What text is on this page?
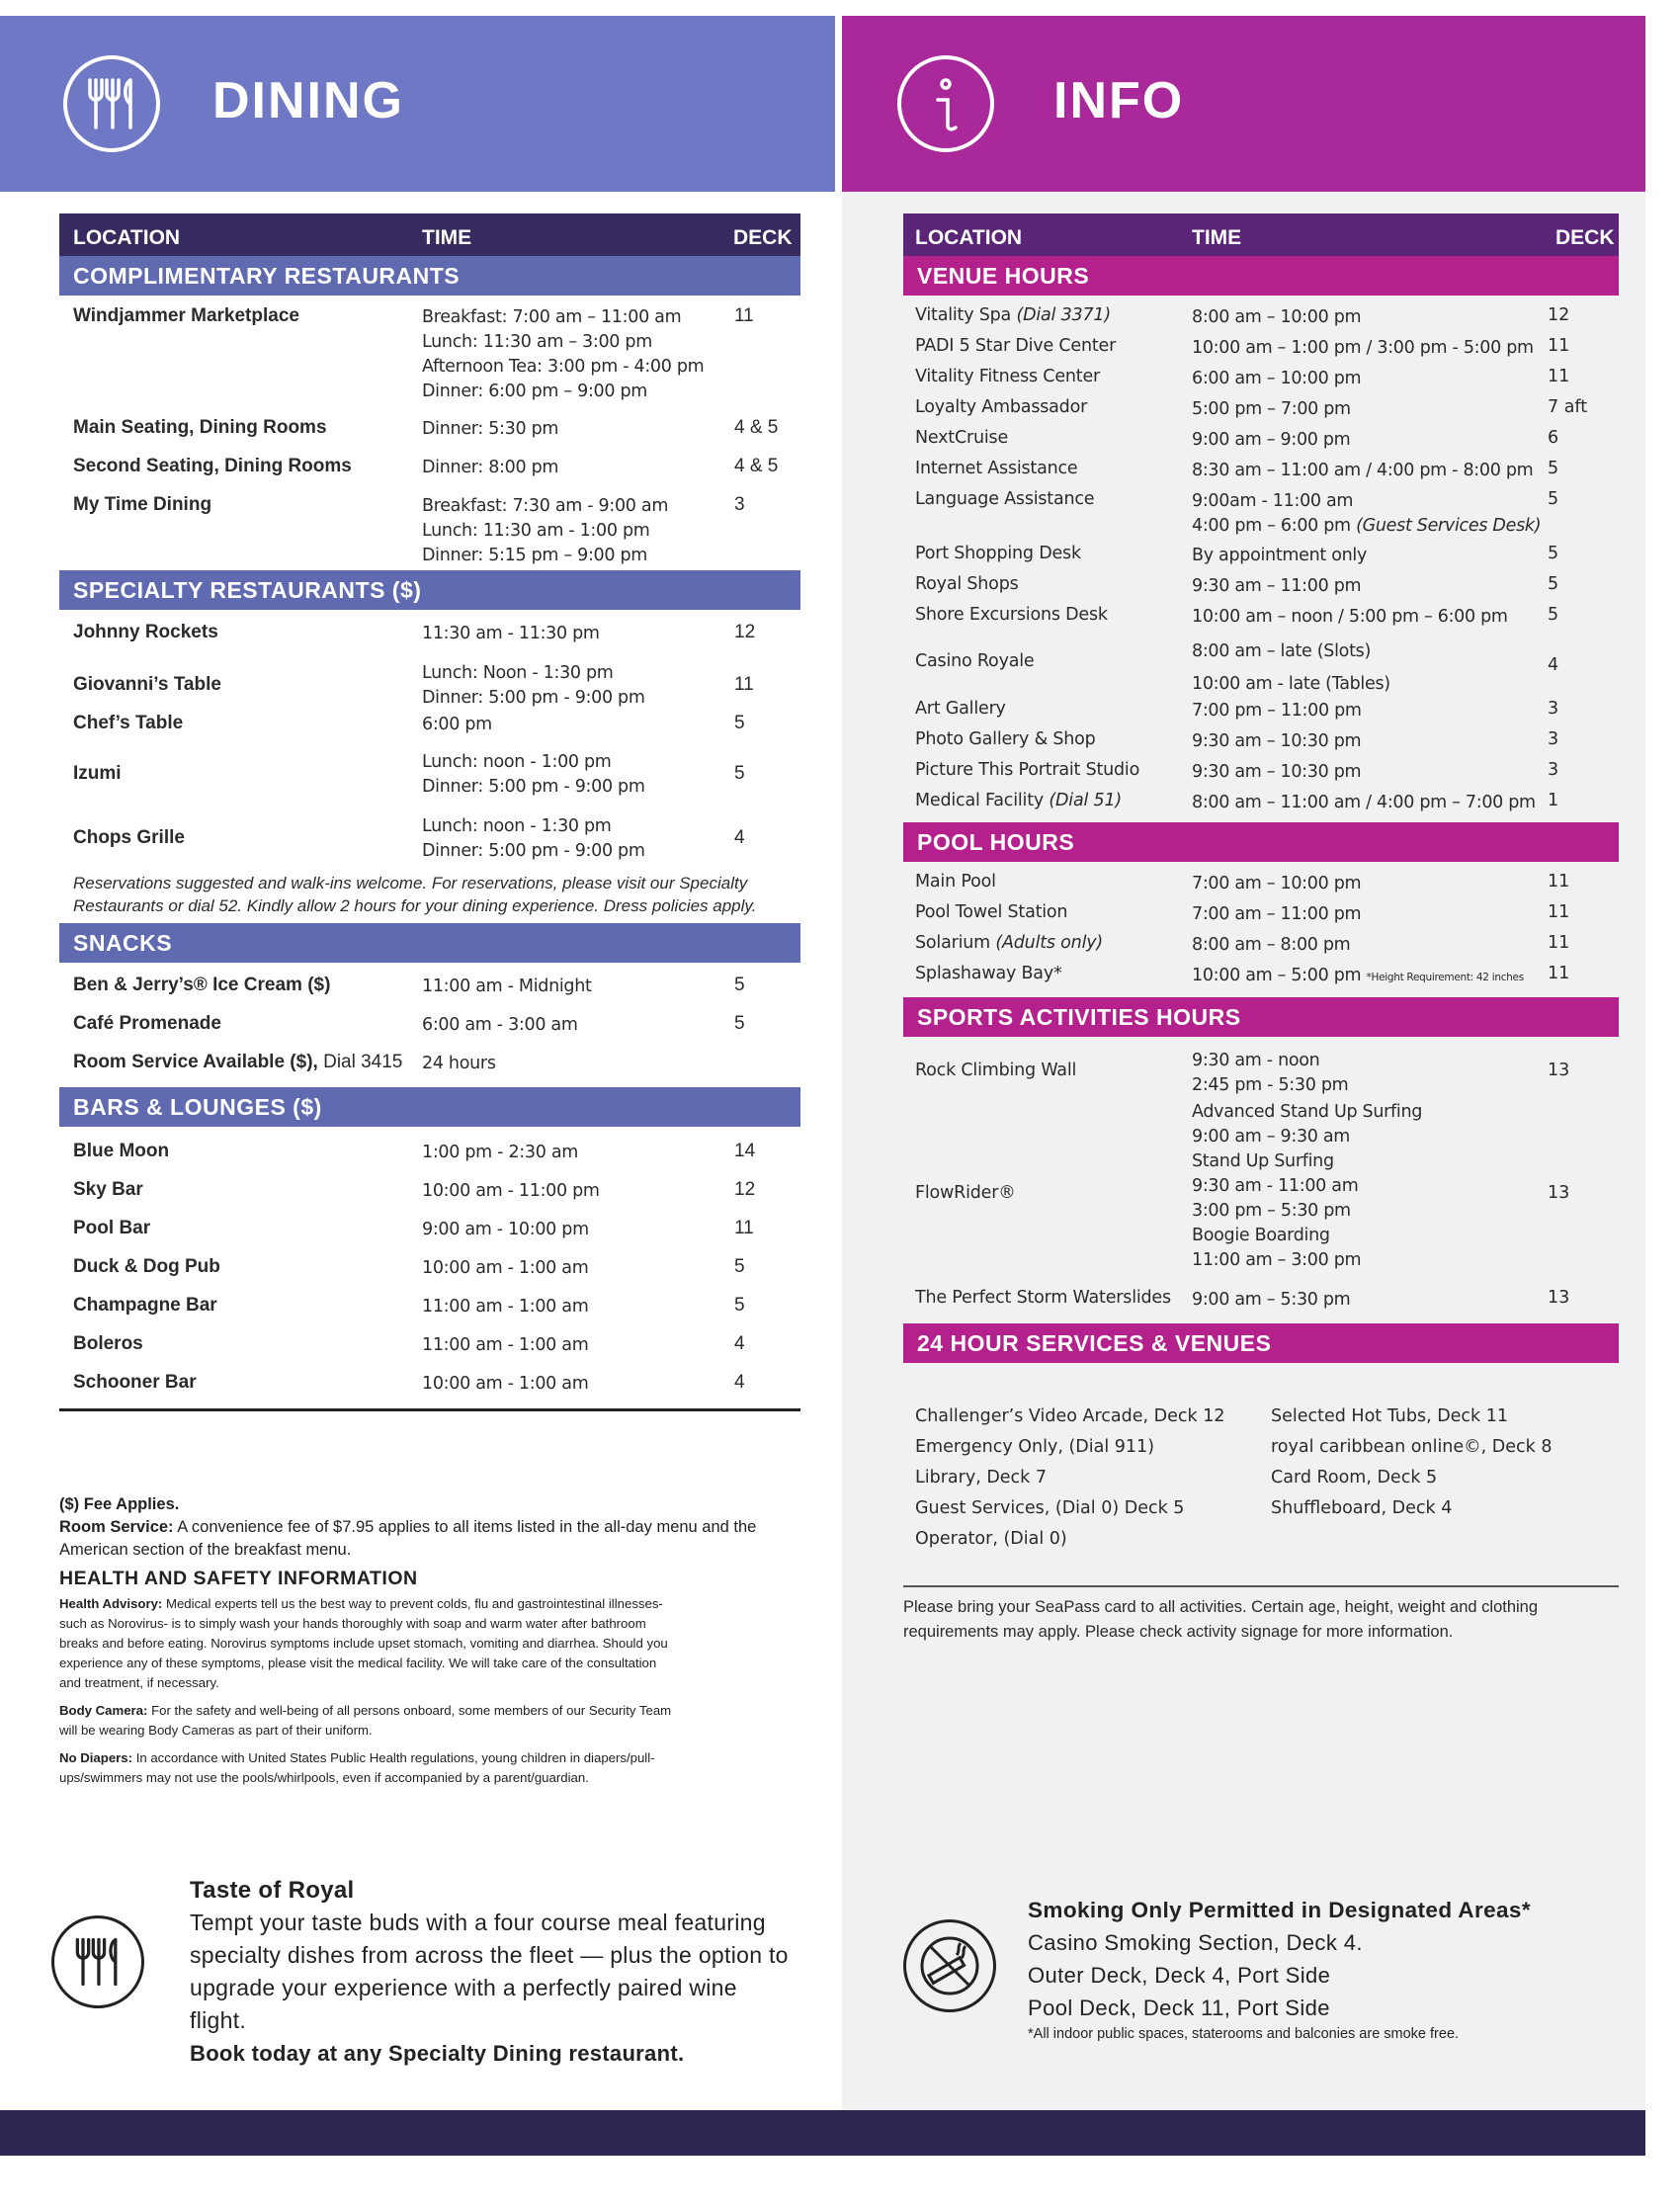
DINING
LOCATION	TIME	DECK
COMPLIMENTARY RESTAURANTS
Windjammer Marketplace	Breakfast: 7:00 am – 11:00 am
Lunch: 11:30 am – 3:00 pm
Afternoon Tea: 3:00 pm - 4:00 pm
Dinner: 6:00 pm – 9:00 pm
11
Main Seating, Dining Rooms	Dinner: 5:30 pm	4 & 5
Second Seating, Dining Rooms	Dinner: 8:00 pm	4 & 5
My Time Dining	Breakfast: 7:30 am - 9:00 am
Lunch: 11:30 am - 1:00 pm
Dinner: 5:15 pm – 9:00 pm
3
SPECIALTY RESTAURANTS ($)
Johnny Rockets	11:30 am - 11:30 pm	12
Giovanni’s Table
Lunch: Noon - 1:30 pm
Dinner: 5:00 pm - 9:00 pm
11
Chef’s Table	6:00 pm	5
Izumi
Lunch: noon - 1:00 pm
Dinner: 5:00 pm - 9:00 pm
5
Chops Grille
Lunch: noon - 1:30 pm
Dinner: 5:00 pm - 9:00 pm
4
Reservations suggested and walk-ins welcome. For reservations, please visit our Specialty Restaurants or dial 52. Kindly allow 2 hours for your dining experience. Dress policies apply.
SNACKS
Ben & Jerry’s® Ice Cream ($)	11:00 am - Midnight	5
Café Promenade	6:00 am - 3:00 am	5
Room Service Available ($), Dial 3415 24 hours
BARS & LOUNGES ($)
Blue Moon	1:00 pm - 2:30 am	14
Sky Bar	10:00 am - 11:00 pm	12
Pool Bar	9:00 am - 10:00 pm	11
Duck & Dog Pub	10:00 am - 1:00 am	5
Champagne Bar	11:00 am - 1:00 am	5
Boleros	11:00 am - 1:00 am	4
Schooner Bar	10:00 am - 1:00 am	4
($) Fee Applies.
Room Service: A convenience fee of $7.95 applies to all items listed in the all-day menu and the American section of the breakfast menu.
HEALTH AND SAFETY INFORMATION
Health Advisory: Medical experts tell us the best way to prevent colds, flu and gastrointestinal illnesses- such as Norovirus- is to simply wash your hands thoroughly with soap and warm water after bathroom breaks and before eating. Norovirus symptoms include upset stomach, vomiting and diarrhea. Should you experience any of these symptoms, please visit the medical facility. We will take care of the consultation and treatment, if necessary.
Body Camera: For the safety and well-being of all persons onboard, some members of our Security Team will be wearing Body Cameras as part of their uniform.
No Diapers: In accordance with United States Public Health regulations, young children in diapers/pull-ups/swimmers may not use the pools/whirlpools, even if accompanied by a parent/guardian.
Taste of Royal
Tempt your taste buds with a four course meal featuring specialty dishes from across the fleet — plus the option to upgrade your experience with a perfectly paired wine flight.
Book today at any Specialty Dining restaurant.
INFO
LOCATION	TIME	DECK
VENUE HOURS
Vitality Spa (Dial 3371)	8:00 am – 10:00 pm	12
PADI 5 Star Dive Center	10:00 am – 1:00 pm / 3:00 pm - 5:00 pm 11
Vitality Fitness Center	6:00 am – 10:00 pm	11
Loyalty Ambassador	5:00 pm – 7:00 pm	7 aft
NextCruise	9:00 am – 9:00 pm	6
Internet Assistance	8:30 am – 11:00 am / 4:00 pm - 8:00 pm 5
Language Assistance	9:00am - 11:00 am
4:00 pm – 6:00 pm (Guest Services Desk)
5
Port Shopping Desk	By appointment only	5
Royal Shops	9:30 am – 11:00 pm	5
Shore Excursions Desk	10:00 am – noon / 5:00 pm – 6:00 pm 5
Casino Royale	8:00 am – late (Slots)
10:00 am - late (Tables)
4
Art Gallery	7:00 pm – 11:00 pm	3
Photo Gallery & Shop	9:30 am – 10:30 pm	3
Picture This Portrait Studio	9:30 am – 10:30 pm	3
Medical Facility (Dial 51)	8:00 am – 11:00 am / 4:00 pm – 7:00 pm 1
POOL HOURS
Main Pool	7:00 am – 10:00 pm	11
Pool Towel Station	7:00 am – 11:00 pm	11
Solarium (Adults only)	8:00 am – 8:00 pm	11
Splashaway Bay*	10:00 am – 5:00 pm *Height Requirement: 42 inches 11
SPORTS ACTIVITIES HOURS
Rock Climbing Wall	9:30 am - noon
2:45 pm - 5:30 pm
13
FlowRider®
Advanced Stand Up Surfing
9:00 am – 9:30 am
Stand Up Surfing
9:30 am - 11:00 am
3:00 pm – 5:30 pm
Boogie Boarding
11:00 am – 3:00 pm
13
The Perfect Storm Waterslides 9:00 am – 5:30 pm	13
24 HOUR SERVICES & VENUES
Challenger’s Video Arcade, Deck 12
Emergency Only, (Dial 911)
Library, Deck 7
Guest Services, (Dial 0) Deck 5
Operator, (Dial 0)
Selected Hot Tubs, Deck 11
royal caribbean online©, Deck 8
Card Room, Deck 5
Shuffleboard, Deck 4
Please bring your SeaPass card to all activities. Certain age, height, weight and clothing requirements may apply. Please check activity signage for more information.
Smoking Only Permitted in Designated Areas*
Casino Smoking Section, Deck 4.
Outer Deck, Deck 4, Port Side
Pool Deck, Deck 11, Port Side
*All indoor public spaces, staterooms and balconies are smoke free.
